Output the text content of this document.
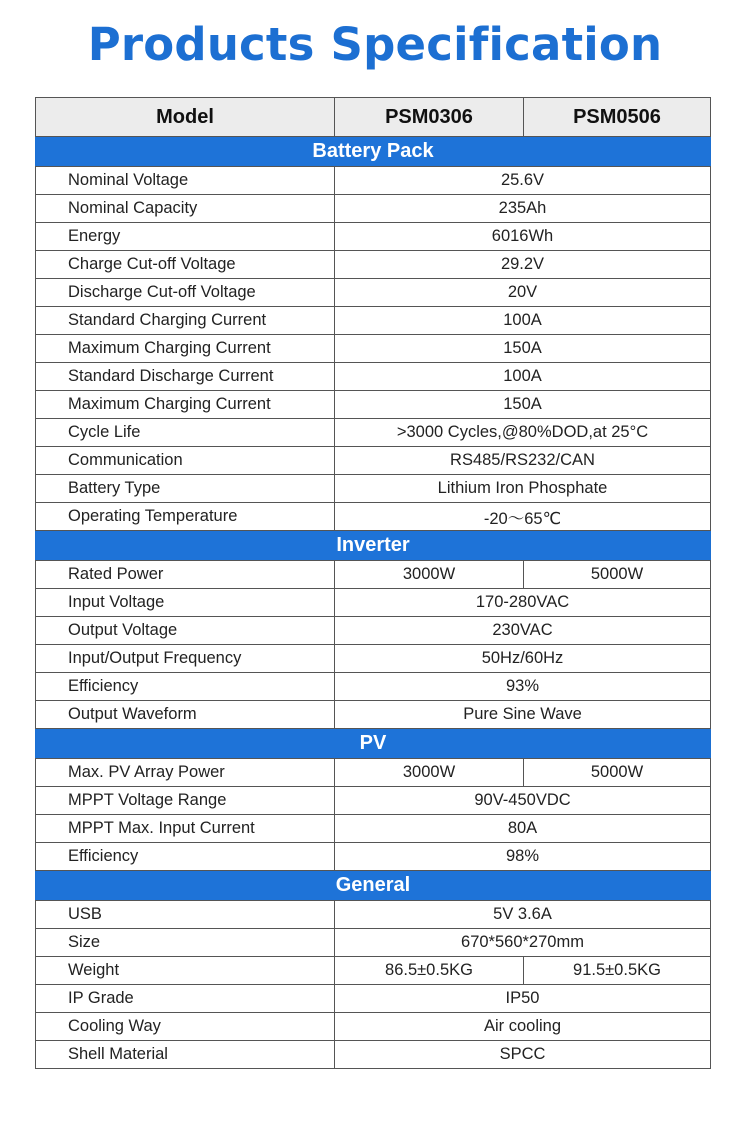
Products Specification
Model	PSM0306	PSM0506
Battery Pack		
Nominal Voltage	25.6V	
Nominal Capacity	235Ah	
Energy	6016Wh	
Charge Cut-off Voltage	29.2V	
Discharge Cut-off Voltage	20V	
Standard Charging Current	100A	
Maximum Charging Current	150A	
Standard Discharge Current	100A	
Maximum Charging Current	150A	
Cycle Life	>3000 Cycles,@80%DOD,at 25°C	
Communication	RS485/RS232/CAN	
Battery Type	Lithium Iron Phosphate	
Operating Temperature	-20～65℃	
Inverter		
Rated Power	3000W	5000W
Input Voltage	170-280VAC	
Output Voltage	230VAC	
Input/Output Frequency	50Hz/60Hz	
Efficiency	93%	
Output Waveform	Pure Sine Wave	
PV		
Max. PV Array Power	3000W	5000W
MPPT Voltage Range	90V-450VDC	
MPPT Max. Input Current	80A	
Efficiency	98%	
General		
USB	5V 3.6A	
Size	670*560*270mm	
Weight	86.5±0.5KG	91.5±0.5KG
IP Grade	IP50	
Cooling Way	Air cooling	
Shell Material	SPCC	
